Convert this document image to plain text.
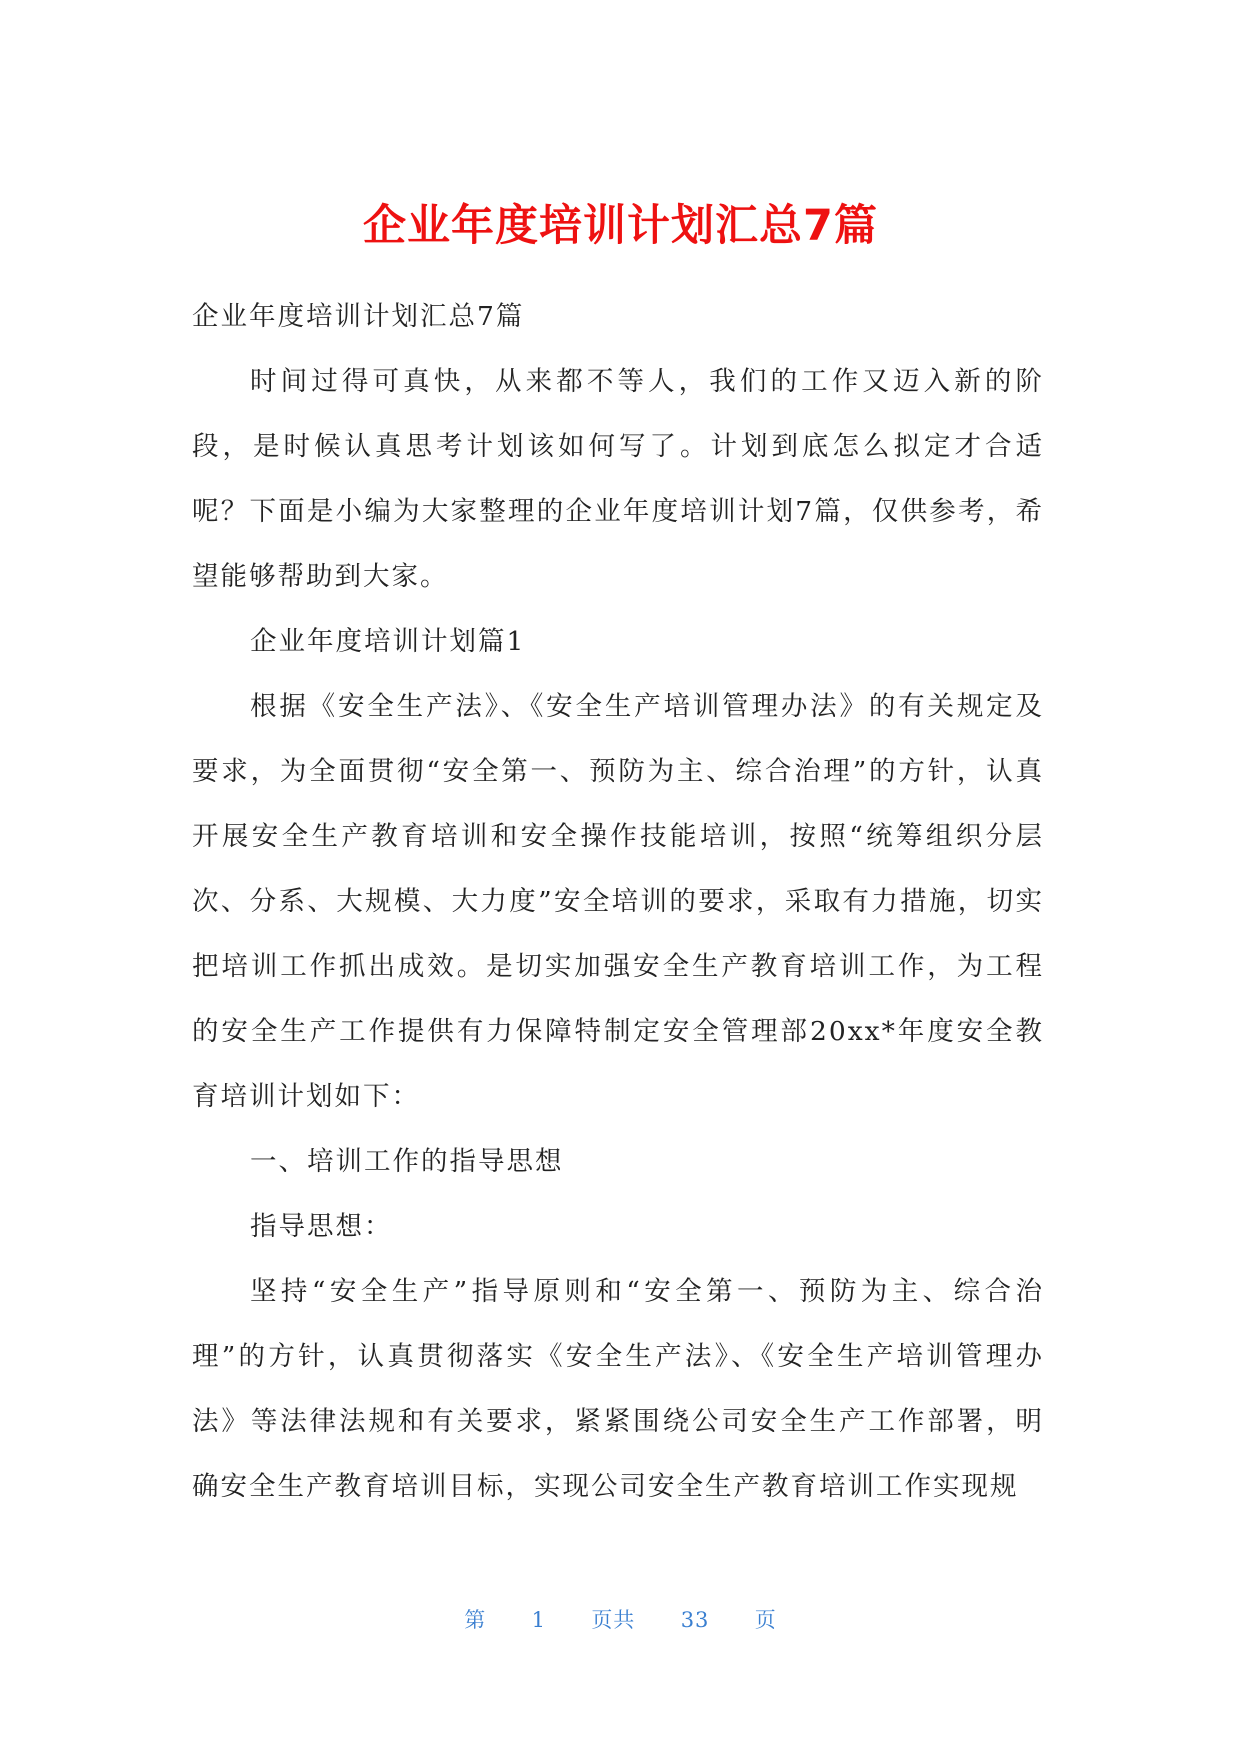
企业年度培训计划汇总7篇

企业年度培训计划汇总7篇

时间过得可真快，从来都不等人，我们的工作又迈入新的阶段，是时候认真思考计划该如何写了。计划到底怎么拟定才合适呢？下面是小编为大家整理的企业年度培训计划7篇，仅供参考，希望能够帮助到大家。

企业年度培训计划篇1

根据《安全生产法》、《安全生产培训管理办法》的有关规定及要求，为全面贯彻“安全第一、预防为主、综合治理”的方针，认真开展安全生产教育培训和安全操作技能培训，按照“统筹组织分层次、分系、大规模、大力度”安全培训的要求，采取有力措施，切实把培训工作抓出成效。是切实加强安全生产教育培训工作，为工程的安全生产工作提供有力保障特制定安全管理部20xx*年度安全教育培训计划如下：

一、培训工作的指导思想

指导思想：

坚持“安全生产”指导原则和“安全第一、预防为主、综合治理”的方针，认真贯彻落实《安全生产法》、《安全生产培训管理办法》等法律法规和有关要求，紧紧围绕公司安全生产工作部署，明确安全生产教育培训目标，实现公司安全生产教育培训工作实现规

第 1 页共 33 页
